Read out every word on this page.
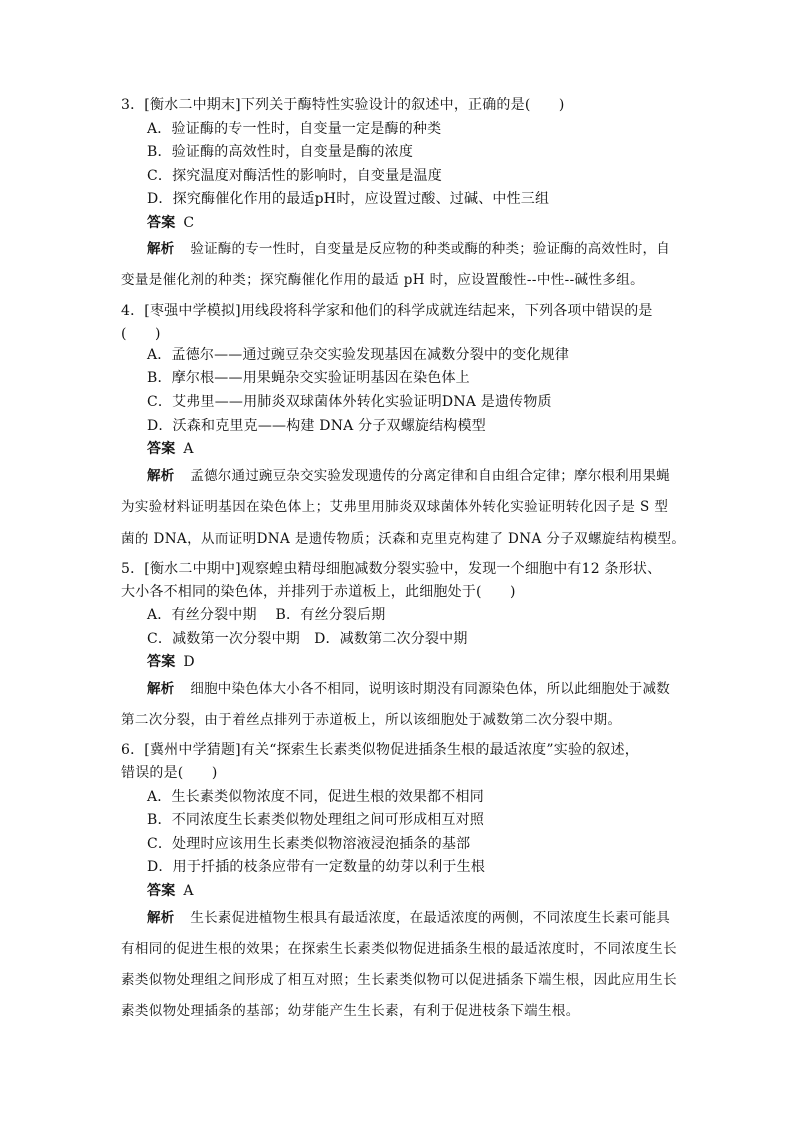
3．[衡水二中期末]下列关于酶特性实验设计的叙述中，正确的是(　　)
A．验证酶的专一性时，自变量一定是酶的种类
B．验证酶的高效性时，自变量是酶的浓度
C．探究温度对酶活性的影响时，自变量是温度
D．探究酶催化作用的最适pH时，应设置过酸、过碱、中性三组
答案 C
解析 验证酶的专一性时，自变量是反应物的种类或酶的种类；验证酶的高效性时，自
变量是催化剂的种类；探究酶催化作用的最适 pH 时，应设置酸性--中性--碱性多组。
4．[枣强中学模拟]用线段将科学家和他们的科学成就连结起来，下列各项中错误的是
(　　)
A．孟德尔——通过豌豆杂交实验发现基因在减数分裂中的变化规律
B．摩尔根——用果蝇杂交实验证明基因在染色体上
C．艾弗里——用肺炎双球菌体外转化实验证明DNA 是遗传物质
D．沃森和克里克——构建 DNA 分子双螺旋结构模型
答案 A
解析 孟德尔通过豌豆杂交实验发现遗传的分离定律和自由组合定律；摩尔根利用果蝇
为实验材料证明基因在染色体上；艾弗里用肺炎双球菌体外转化实验证明转化因子是 S 型
菌的 DNA，从而证明DNA 是遗传物质；沃森和克里克构建了 DNA 分子双螺旋结构模型。
5．[衡水二中期中]观察蝗虫精母细胞减数分裂实验中，发现一个细胞中有12 条形状、
大小各不相同的染色体，并排列于赤道板上，此细胞处于(　　)
A．有丝分裂中期　 B．有丝分裂后期
C．减数第一次分裂中期　D．减数第二次分裂中期
答案 D
解析 细胞中染色体大小各不相同，说明该时期没有同源染色体，所以此细胞处于减数
第二次分裂，由于着丝点排列于赤道板上，所以该细胞处于减数第二次分裂中期。
6．[冀州中学猜题]有关“探索生长素类似物促进插条生根的最适浓度”实验的叙述，
错误的是(　　)
A．生长素类似物浓度不同，促进生根的效果都不相同
B．不同浓度生长素类似物处理组之间可形成相互对照
C．处理时应该用生长素类似物溶液浸泡插条的基部
D．用于扦插的枝条应带有一定数量的幼芽以利于生根
答案 A
解析 生长素促进植物生根具有最适浓度，在最适浓度的两侧，不同浓度生长素可能具
有相同的促进生根的效果；在探索生长素类似物促进插条生根的最适浓度时，不同浓度生长
素类似物处理组之间形成了相互对照；生长素类似物可以促进插条下端生根，因此应用生长
素类似物处理插条的基部；幼芽能产生生长素，有利于促进枝条下端生根。
